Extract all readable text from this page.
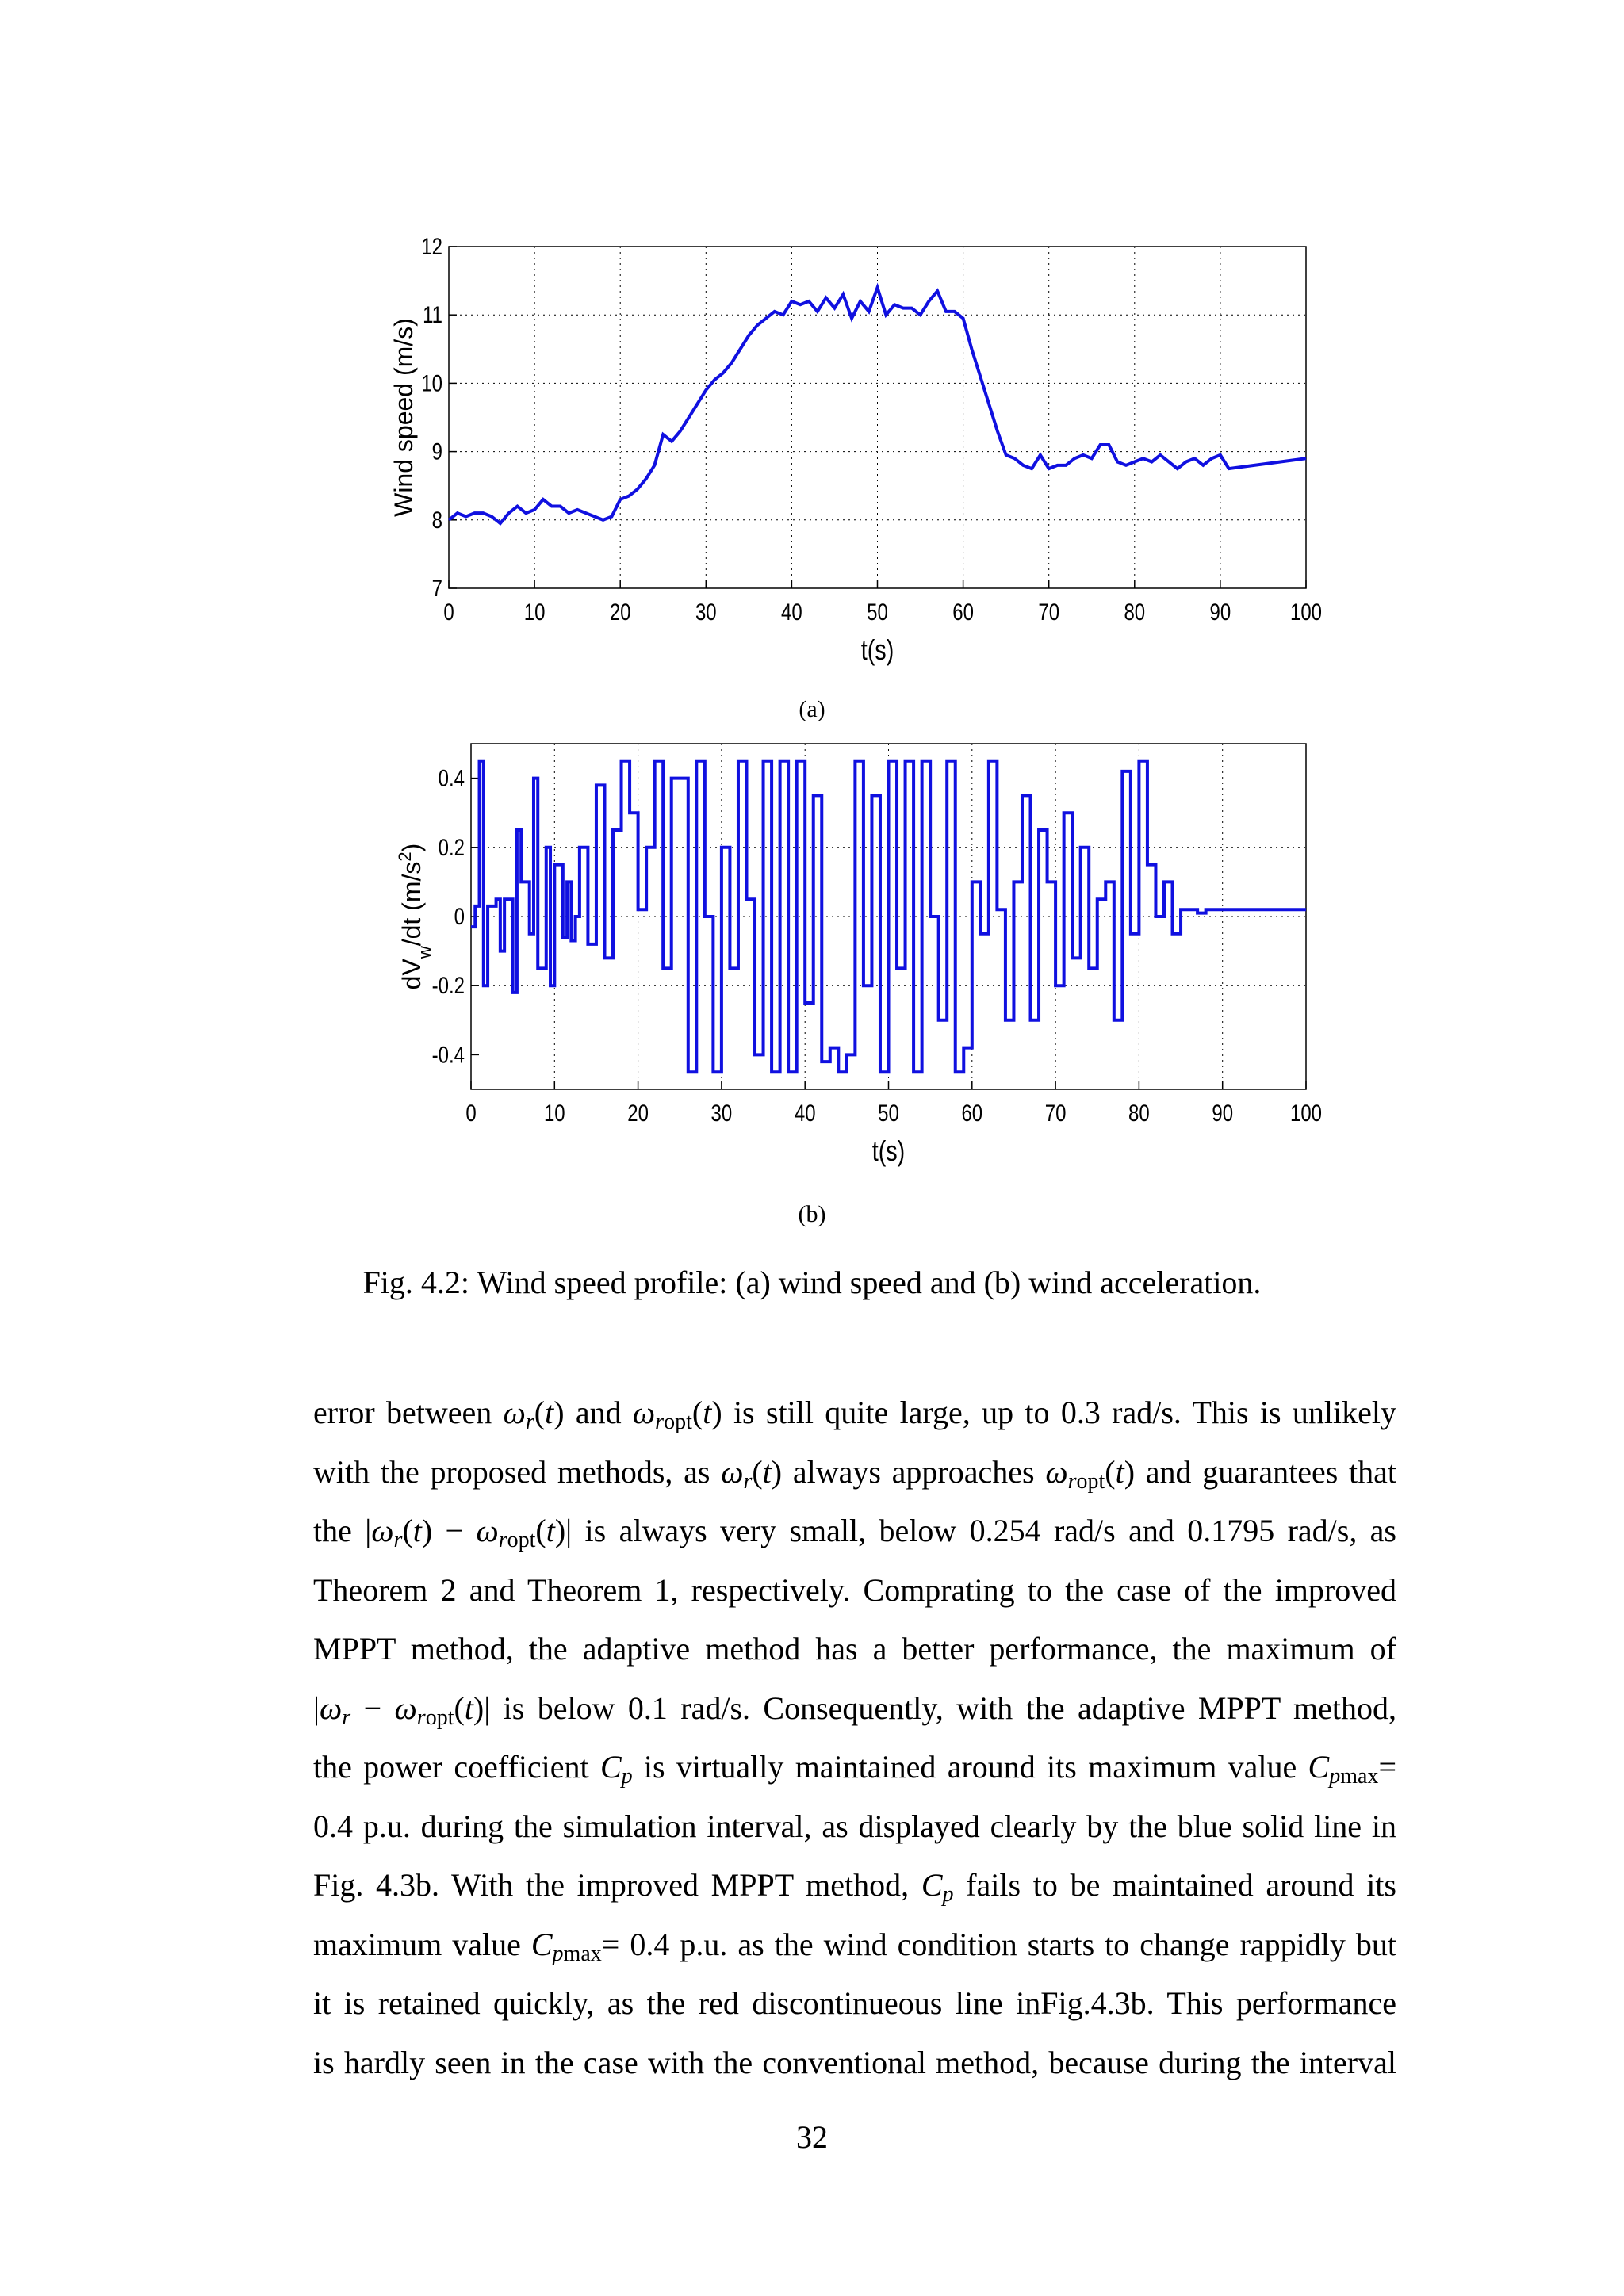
0	10	20	30	40	50	60	70	80	90 100
7
8
9
10
11
12
t(s)
Wind speed (m/s)
(a)
0	10	20	30	40	50	60	70	80	90 100
-0.4
-0.2
0
0.2
0.4
t(s)
$dV_w/dt$ $(m/s^2)$
(b)
Fig. 4.2: Wind speed profile: (a) wind speed and (b) wind acceleration.

error between $\omega_r(t)$ and $\omega_{ropt}(t)$ is still quite large, up to 0.3 rad/s. This is unlikely

with the proposed methods, as $\omega_r(t)$ always approaches $\omega_{ropt}(t)$ and guarantees that

the $|\omega_r(t) - \omega_{ropt}(t)|$ is always very small, below 0.254 rad/s and 0.1795 rad/s, as

Theorem 2 and Theorem 1, respectively. Comprating to the case of the improved

MPPT method, the adaptive method has a better performance, the maximum of

$|\omega_r - \omega_{ropt}(t)|$ is below 0.1 rad/s. Consequently, with the adaptive MPPT method,

the power coefficient $C_p$ is virtually maintained around its maximum value $C_{pmax}=$

0.4 p.u. during the simulation interval, as displayed clearly by the blue solid line in

Fig. 4.3b. With the improved MPPT method, $C_p$ fails to be maintained around its

maximum value $C_{pmax}= 0.4$ p.u. as the wind condition starts to change rappidly but

it is retained quickly, as the red discontinueous line inFig.4.3b. This performance

is hardly seen in the case with the conventional method, because during the interval

32
